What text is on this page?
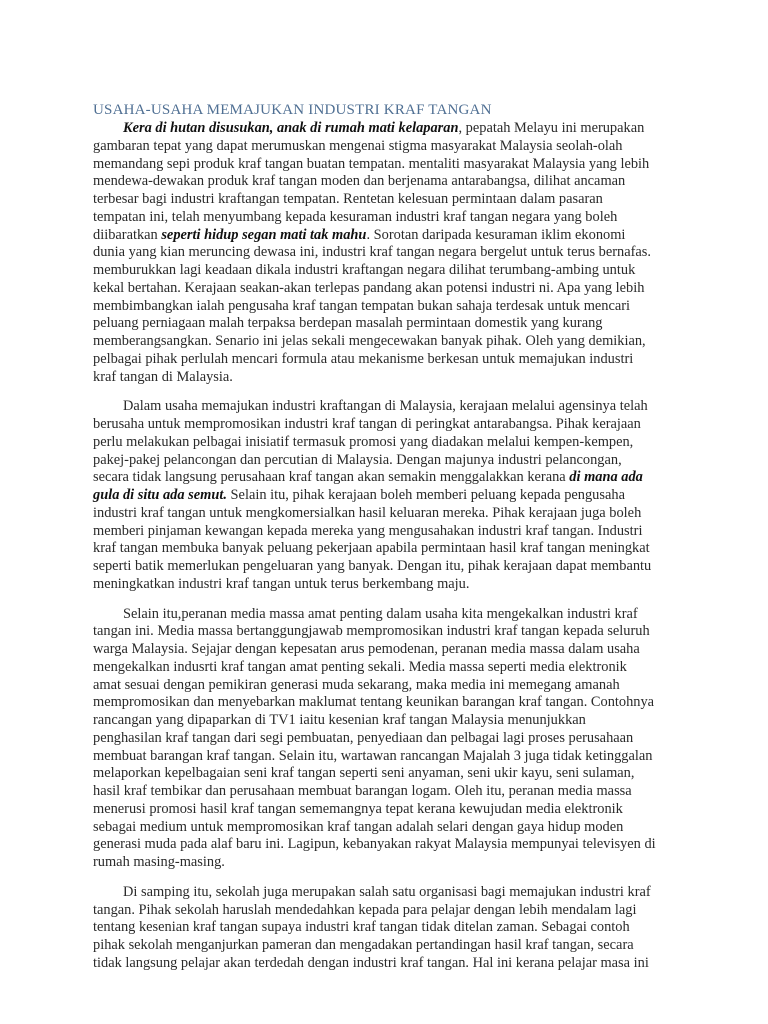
USAHA-USAHA MEMAJUKAN INDUSTRI KRAF TANGAN
Kera di hutan disusukan, anak di rumah mati kelaparan, pepatah Melayu ini merupakan
gambaran tepat yang dapat merumuskan mengenai stigma masyarakat Malaysia seolah-olah
memandang sepi produk kraf tangan buatan tempatan. mentaliti masyarakat Malaysia yang lebih
mendewa-dewakan produk kraf tangan moden dan berjenama antarabangsa, dilihat ancaman
terbesar bagi industri kraftangan tempatan. Rentetan kelesuan permintaan dalam pasaran
tempatan ini, telah menyumbang kepada kesuraman industri kraf tangan negara yang boleh
diibaratkan seperti hidup segan mati tak mahu. Sorotan daripada kesuraman iklim ekonomi
dunia yang kian meruncing dewasa ini, industri kraf tangan negara bergelut untuk terus bernafas.
memburukkan lagi keadaan dikala industri kraftangan negara dilihat terumbang-ambing untuk
kekal bertahan. Kerajaan seakan-akan terlepas pandang akan potensi industri ni. Apa yang lebih
membimbangkan ialah pengusaha kraf tangan tempatan bukan sahaja terdesak untuk mencari
peluang perniagaan malah terpaksa berdepan masalah permintaan domestik yang kurang
memberangsangkan. Senario ini jelas sekali mengecewakan banyak pihak. Oleh yang demikian,
pelbagai pihak perlulah mencari formula atau mekanisme berkesan untuk memajukan industri
kraf tangan di Malaysia.
Dalam usaha memajukan industri kraftangan di Malaysia, kerajaan melalui agensinya telah
berusaha untuk mempromosikan industri kraf tangan di peringkat antarabangsa. Pihak kerajaan
perlu melakukan pelbagai inisiatif termasuk promosi yang diadakan melalui kempen-kempen,
pakej-pakej pelancongan dan percutian di Malaysia. Dengan majunya industri pelancongan,
secara tidak langsung perusahaan kraf tangan akan semakin menggalakkan kerana di mana ada
gula di situ ada semut. Selain itu, pihak kerajaan boleh memberi peluang kepada pengusaha
industri kraf tangan untuk mengkomersialkan hasil keluaran mereka. Pihak kerajaan juga boleh
memberi pinjaman kewangan kepada mereka yang mengusahakan industri kraf tangan. Industri
kraf tangan membuka banyak peluang pekerjaan apabila permintaan hasil kraf tangan meningkat
seperti batik memerlukan pengeluaran yang banyak. Dengan itu, pihak kerajaan dapat membantu
meningkatkan industri kraf tangan untuk terus berkembang maju.
Selain itu,peranan media massa amat penting dalam usaha kita mengekalkan industri kraf
tangan ini. Media massa bertanggungjawab mempromosikan industri kraf tangan kepada seluruh
warga Malaysia. Sejajar dengan kepesatan arus pemodenan, peranan media massa dalam usaha
mengekalkan indusrti kraf tangan amat penting sekali. Media massa seperti media elektronik
amat sesuai dengan pemikiran generasi muda sekarang, maka media ini memegang amanah
mempromosikan dan menyebarkan maklumat tentang keunikan barangan kraf tangan. Contohnya
rancangan yang dipaparkan di TV1 iaitu kesenian kraf tangan Malaysia menunjukkan
penghasilan kraf tangan dari segi pembuatan, penyediaan dan pelbagai lagi proses perusahaan
membuat barangan kraf tangan. Selain itu, wartawan rancangan Majalah 3 juga tidak ketinggalan
melaporkan kepelbagaian seni kraf tangan seperti seni anyaman, seni ukir kayu, seni sulaman,
hasil kraf tembikar dan perusahaan membuat barangan logam. Oleh itu, peranan media massa
menerusi promosi hasil kraf tangan sememangnya tepat kerana kewujudan media elektronik
sebagai medium untuk mempromosikan kraf tangan adalah selari dengan gaya hidup moden
generasi muda pada alaf baru ini. Lagipun, kebanyakan rakyat Malaysia mempunyai televisyen di
rumah masing-masing.
Di samping itu, sekolah juga merupakan salah satu organisasi bagi memajukan industri kraf
tangan. Pihak sekolah haruslah mendedahkan kepada para pelajar dengan lebih mendalam lagi
tentang kesenian kraf tangan supaya industri kraf tangan tidak ditelan zaman. Sebagai contoh
pihak sekolah menganjurkan pameran dan mengadakan pertandingan hasil kraf tangan, secara
tidak langsung pelajar akan terdedah dengan industri kraf tangan. Hal ini kerana pelajar masa ini
